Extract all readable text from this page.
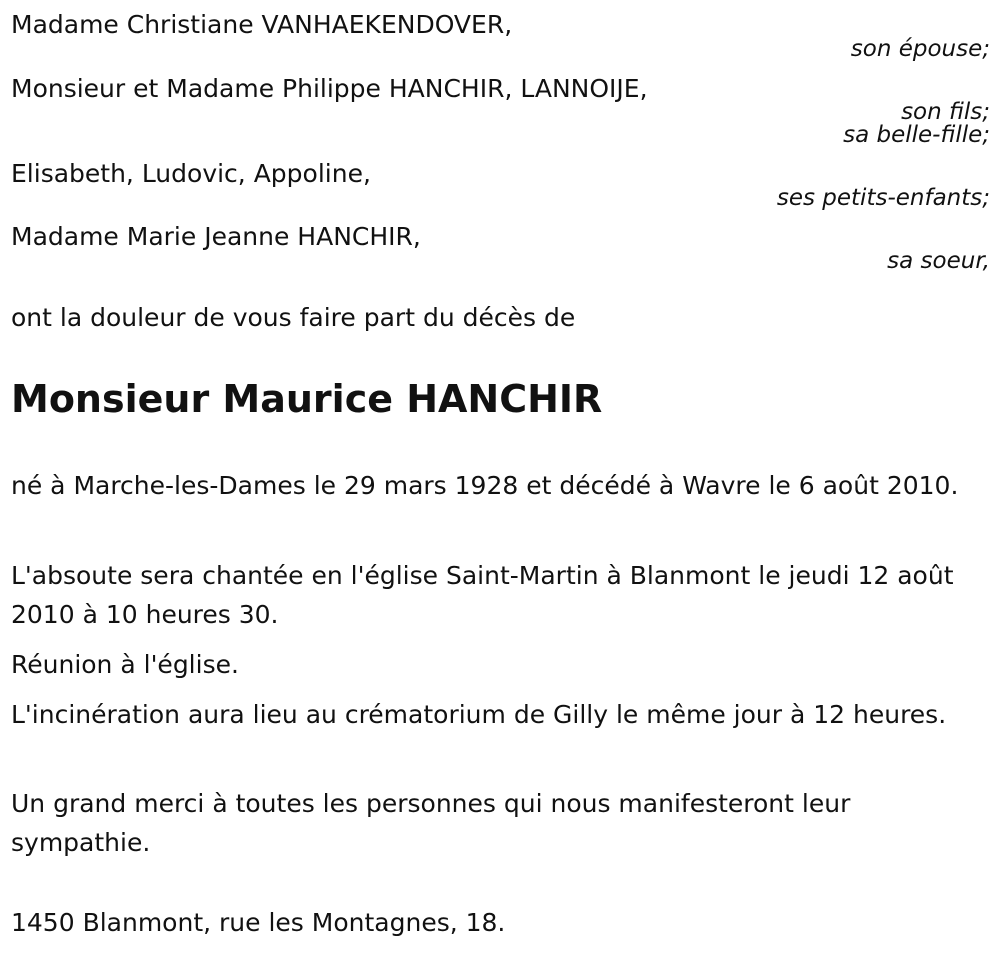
Madame Christiane VANHAEKENDOVER,
son épouse;
Monsieur et Madame Philippe HANCHIR, LANNOIJE,
son fils;
sa belle-fille;
Elisabeth, Ludovic, Appoline,
ses petits-enfants;
Madame Marie Jeanne HANCHIR,
sa soeur,
ont la douleur de vous faire part du décès de
Monsieur Maurice HANCHIR
né à Marche-les-Dames le 29 mars 1928 et décédé à Wavre le 6 août 2010.
L'absoute sera chantée en l'église Saint-Martin à Blanmont le jeudi 12 août 2010 à 10 heures 30.
Réunion à l'église.
L'incinération aura lieu au crématorium de Gilly le même jour à 12 heures.
Un grand merci à toutes les personnes qui nous manifesteront leur sympathie.
1450 Blanmont, rue les Montagnes, 18.
